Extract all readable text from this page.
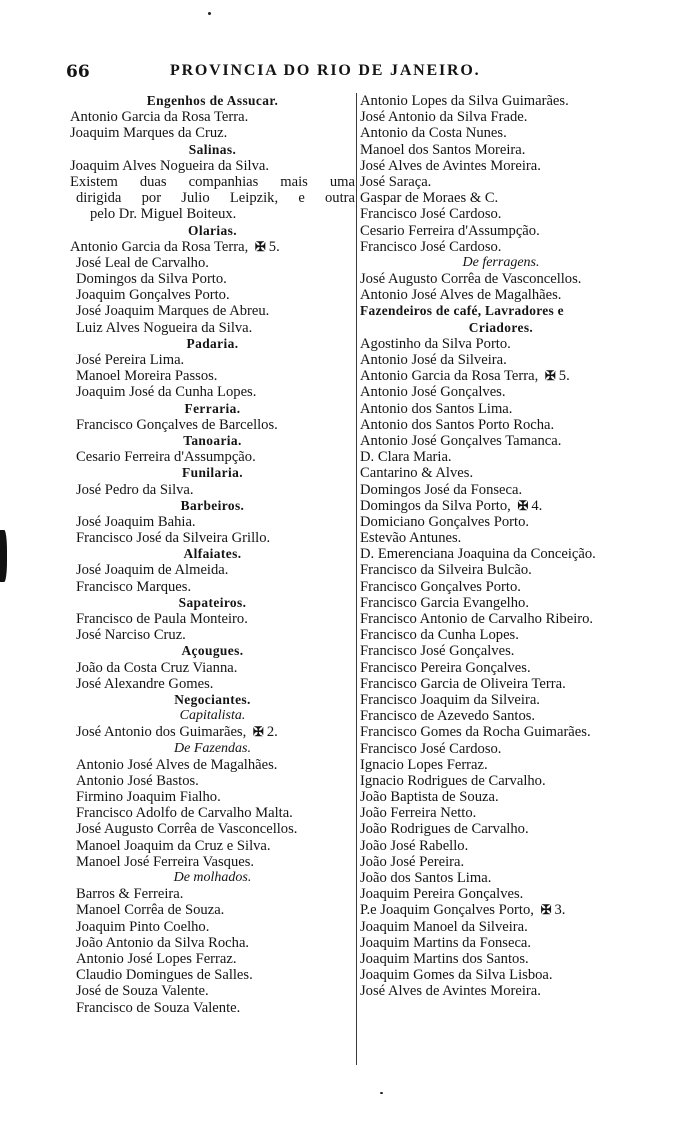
66	PROVINCIA DO RIO DE JANEIRO.
Engenhos de Assucar.
Antonio Garcia da Rosa Terra.
Joaquim Marques da Cruz.
Salinas.
Joaquim Alves Nogueira da Silva.
Existem duas companhias mais uma
dirigida por Julio Leipzik, e outra
pelo Dr. Miguel Boiteux.
Olarias.
Antonio Garcia da Rosa Terra, ✠ 5.
José Leal de Carvalho.
Domingos da Silva Porto.
Joaquim Gonçalves Porto.
José Joaquim Marques de Abreu.
Luiz Alves Nogueira da Silva.
Padaria.
José Pereira Lima.
Manoel Moreira Passos.
Joaquim José da Cunha Lopes.
Ferraria.
Francisco Gonçalves de Barcellos.
Tanoaria.
Cesario Ferreira d'Assumpção.
Funilaria.
José Pedro da Silva.
Barbeiros.
José Joaquim Bahia.
Francisco José da Silveira Grillo.
Alfaiates.
José Joaquim de Almeida.
Francisco Marques.
Sapateiros.
Francisco de Paula Monteiro.
José Narciso Cruz.
Açougues.
João da Costa Cruz Vianna.
José Alexandre Gomes.
Negociantes.
Capitalista.
José Antonio dos Guimarães, ✠ 2.
De Fazendas.
Antonio José Alves de Magalhães.
Antonio José Bastos.
Firmino Joaquim Fialho.
Francisco Adolfo de Carvalho Malta.
José Augusto Corrêa de Vasconcellos.
Manoel Joaquim da Cruz e Silva.
Manoel José Ferreira Vasques.
De molhados.
Barros & Ferreira.
Manoel Corrêa de Souza.
Joaquim Pinto Coelho.
João Antonio da Silva Rocha.
Antonio José Lopes Ferraz.
Claudio Domingues de Salles.
José de Souza Valente.
Francisco de Souza Valente.
Antonio Lopes da Silva Guimarães.
José Antonio da Silva Frade.
Antonio da Costa Nunes.
Manoel dos Santos Moreira.
José Alves de Avintes Moreira.
José Saraça.
Gaspar de Moraes & C.
Francisco José Cardoso.
Cesario Ferreira d'Assumpção.
Francisco José Cardoso.
De ferragens.
José Augusto Corrêa de Vasconcellos.
Antonio José Alves de Magalhães.
Fazendeiros de café, Lavradores e
Criadores.
Agostinho da Silva Porto.
Antonio José da Silveira.
Antonio Garcia da Rosa Terra, ✠ 5.
Antonio José Gonçalves.
Antonio dos Santos Lima.
Antonio dos Santos Porto Rocha.
Antonio José Gonçalves Tamanca.
D. Clara Maria.
Cantarino & Alves.
Domingos José da Fonseca.
Domingos da Silva Porto, ✠ 4.
Domiciano Gonçalves Porto.
Estevão Antunes.
D. Emerenciana Joaquina da Conceição.
Francisco da Silveira Bulcão.
Francisco Gonçalves Porto.
Francisco Garcia Evangelho.
Francisco Antonio de Carvalho Ribeiro.
Francisco da Cunha Lopes.
Francisco José Gonçalves.
Francisco Pereira Gonçalves.
Francisco Garcia de Oliveira Terra.
Francisco Joaquim da Silveira.
Francisco de Azevedo Santos.
Francisco Gomes da Rocha Guimarães.
Francisco José Cardoso.
Ignacio Lopes Ferraz.
Ignacio Rodrigues de Carvalho.
João Baptista de Souza.
João Ferreira Netto.
João Rodrigues de Carvalho.
João José Rabello.
João José Pereira.
João dos Santos Lima.
Joaquim Pereira Gonçalves.
P.e Joaquim Gonçalves Porto, ✠ 3.
Joaquim Manoel da Silveira.
Joaquim Martins da Fonseca.
Joaquim Martins dos Santos.
Joaquim Gomes da Silva Lisboa.
José Alves de Avintes Moreira.
